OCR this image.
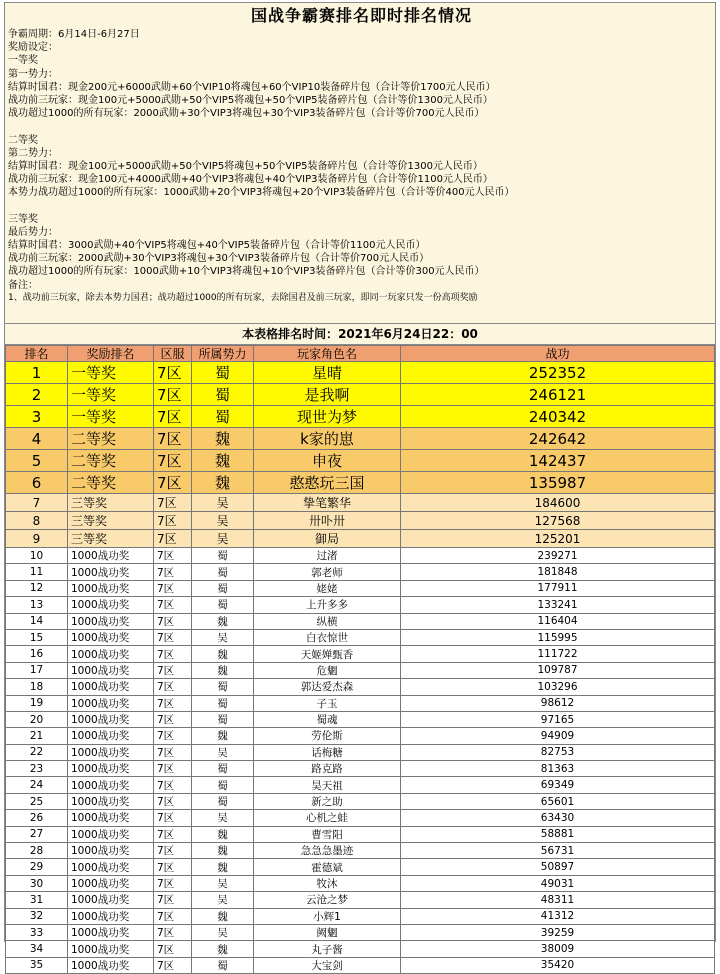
国战争霸赛排名即时排名情况
争霸周期：6月14日-6月27日
奖励设定：
一等奖
第一势力：
结算时国君：现金200元+6000武勋+60个VIP10将魂包+60个VIP10装备碎片包（合计等价1700元人民币）
战功前三玩家：现金100元+5000武勋+50个VIP5将魂包+50个VIP5装备碎片包（合计等价1300元人民币）
战功超过1000的所有玩家：2000武勋+30个VIP3将魂包+30个VIP3装备碎片包（合计等价700元人民币）
二等奖
第二势力：
结算时国君：现金100元+5000武勋+50个VIP5将魂包+50个VIP5装备碎片包（合计等价1300元人民币）
战功前三玩家：现金100元+4000武勋+40个VIP3将魂包+40个VIP3装备碎片包（合计等价1100元人民币）
本势力战功超过1000的所有玩家：1000武勋+20个VIP3将魂包+20个VIP3装备碎片包（合计等价400元人民币）
三等奖
最后势力：
结算时国君：3000武勋+40个VIP5将魂包+40个VIP5装备碎片包（合计等价1100元人民币）
战功前三玩家：2000武勋+30个VIP3将魂包+30个VIP3装备碎片包（合计等价700元人民币）
战功超过1000的所有玩家：1000武勋+10个VIP3将魂包+10个VIP3装备碎片包（合计等价300元人民币）
备注：
1、战功前三玩家，除去本势力国君；战功超过1000的所有玩家，去除国君及前三玩家，即同一玩家只发一份高项奖励
本表格排名时间：2021年6月24日22：00
排名	奖励排名	区服	所属势力	玩家角色名	战功
1	一等奖	7区	蜀	星晴	252352
2	一等奖	7区	蜀	是我啊	246121
3	一等奖	7区	蜀	现世为梦	240342
4	二等奖	7区	魏	k家的崽	242642
5	二等奖	7区	魏	申夜	142437
6	二等奖	7区	魏	憨憨玩三国	135987
7	三等奖	7区	吴	挚笔繁华	184600
8	三等奖	7区	吴	卅卟卅	127568
9	三等奖	7区	吴	御局	125201
10	1000战功奖	7区	蜀	过渚	239271
11	1000战功奖	7区	蜀	郭老师	181848
12	1000战功奖	7区	蜀	姥姥	177911
13	1000战功奖	7区	蜀	上升多多	133241
14	1000战功奖	7区	魏	纵横	116404
15	1000战功奖	7区	吴	白衣惊世	115995
16	1000战功奖	7区	魏	天姬婵甄香	111722
17	1000战功奖	7区	魏	危魍	109787
18	1000战功奖	7区	蜀	郭达爱杰森	103296
19	1000战功奖	7区	蜀	子玉	98612
20	1000战功奖	7区	蜀	蜀魂	97165
21	1000战功奖	7区	魏	劳伦斯	94909
22	1000战功奖	7区	吴	话梅糖	82753
23	1000战功奖	7区	蜀	路克路	81363
24	1000战功奖	7区	蜀	昊天祖	69349
25	1000战功奖	7区	蜀	新之助	65601
26	1000战功奖	7区	吴	心机之蛙	63430
27	1000战功奖	7区	魏	曹雪阳	58881
28	1000战功奖	7区	魏	急急急墨迹	56731
29	1000战功奖	7区	魏	霍德斌	50897
30	1000战功奖	7区	吴	牧沐	49031
31	1000战功奖	7区	吴	云沧之梦	48311
32	1000战功奖	7区	魏	小辉1	41312
33	1000战功奖	7区	吴	阙魍	39259
34	1000战功奖	7区	魏	丸子酱	38009
35	1000战功奖	7区	蜀	大宝剑	35420
